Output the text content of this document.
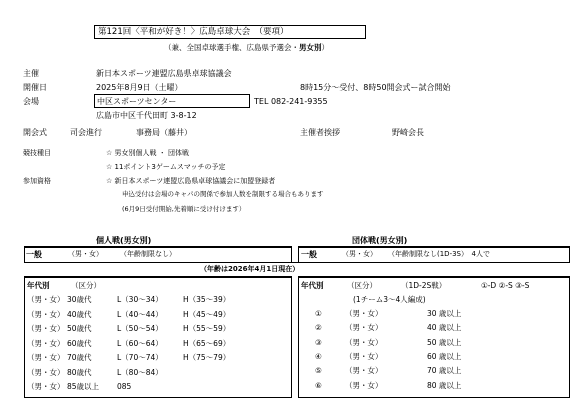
第121回〈平和が好き！〉広島卓球大会　（要項）
（兼、全国卓球選手権、広島県予選会・男女別）
主催	新日本スポーツ連盟広島県卓球協議会
開催日	2025年8月9日（土曜）	8時15分～受付、8時50開会式ー試合開始
会場	中区スポーツセンター	TEL 082-241-9355
広島市中区千代田町 3-8-12
開会式	司会進行	事務局（藤井）	主催者挨拶	野崎会長
競技種目	☆ 男女別個人戦 ・ 団体戦
☆ 11ポイント3ゲームスマッチの予定
参加資格	☆ 新日本スポーツ連盟広島県卓球協議会に加盟登録者
申込受付は会場のキャパの関係で参加人数を制限する場合もあります
(6月9日受付開始,先着順に受け付けます）
個人戦(男女別)	団体戦(男女別)
一般	（男・女） （年齢制限なし）	一般	（男・女） （年齢制限なし(1D-3S）　4人で
（年齢は2026年4月1日現在）
年代別	（区分）
（男・女） 30歳代	L（30～34）	H（35～39）
（男・女） 40歳代	L（40～44）	H（45～49）
（男・女） 50歳代	L（50～54）	H（55～59）
（男・女） 60歳代	L（60～64）	H（65～69）
（男・女） 70歳代	L（70～74）	H（75～79）
（男・女） 80歳代	L（80～84）
（男・女） 85歳以上 085
年代別	（区分）	（1D-2S戦）	①-D ②-S ③-S
(1チーム3～4人編成)
①	（男・女）	30 歳以上
②	（男・女）	40 歳以上
③	（男・女）	50 歳以上
④	（男・女）	60 歳以上
⑤	（男・女）	70 歳以上
⑥	（男・女）	80 歳以上
